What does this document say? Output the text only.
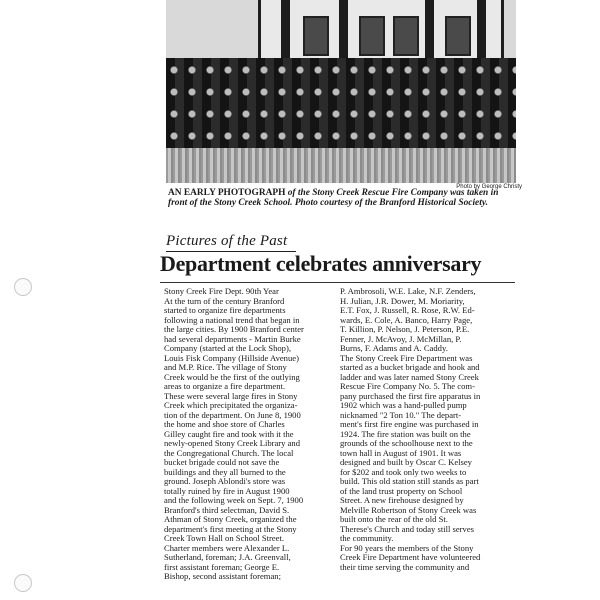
Photo by George Christy
AN EARLY PHOTOGRAPH of the Stony Creek Rescue Fire Company was taken in front of the Stony Creek School. Photo courtesy of the Branford Historical Society.
Pictures of the Past
Department celebrates anniversary
Stony Creek Fire Dept. 90th Year
At the turn of the century Branford
started to organize fire departments
following a national trend that began in
the large cities. By 1900 Branford center
had several departments - Martin Burke
Company (started at the Lock Shop),
Louis Fisk Company (Hillside Avenue)
and M.P. Rice. The village of Stony
Creek would be the first of the outlying
areas to organize a fire department.
These were several large fires in Stony
Creek which precipitated the organiza-
tion of the department. On June 8, 1900
the home and shoe store of Charles
Gilley caught fire and took with it the
newly-opened Stony Creek Library and
the Congregational Church. The local
bucket brigade could not save the
buildings and they all burned to the
ground. Joseph Ablondi's store was
totally ruined by fire in August 1900
and the following week on Sept. 7, 1900
Branford's third selectman, David S.
Athman of Stony Creek, organized the
department's first meeting at the Stony
Creek Town Hall on School Street.
Charter members were Alexander L.
Sutherland, foreman; J.A. Greenvall,
first assistant foreman; George E.
Bishop, second assistant foreman;
P. Ambrosoli, W.E. Lake, N.F. Zenders,
H. Julian, J.R. Dower, M. Moriarity,
E.T. Fox, J. Russell, R. Rose, R.W. Ed-
wards, E. Cole, A. Banco, Harry Page,
T. Killion, P. Nelson, J. Peterson, P.E.
Fenner, J. McAvoy, J. McMillan, P.
Burns, F. Adams and A. Caddy.
The Stony Creek Fire Department was
started as a bucket brigade and hook and
ladder and was later named Stony Creek
Rescue Fire Company No. 5. The com-
pany purchased the first fire apparatus in
1902 which was a hand-pulled pump
nicknamed "2 Ton 10." The depart-
ment's first fire engine was purchased in
1924. The fire station was built on the
grounds of the schoolhouse next to the
town hall in August of 1901. It was
designed and built by Oscar C. Kelsey
for $202 and took only two weeks to
build. This old station still stands as part
of the land trust property on School
Street. A new firehouse designed by
Melville Robertson of Stony Creek was
built onto the rear of the old St.
Therese's Church and today still serves
the community.
For 90 years the members of the Stony
Creek Fire Department have volunteered
their time serving the community and
